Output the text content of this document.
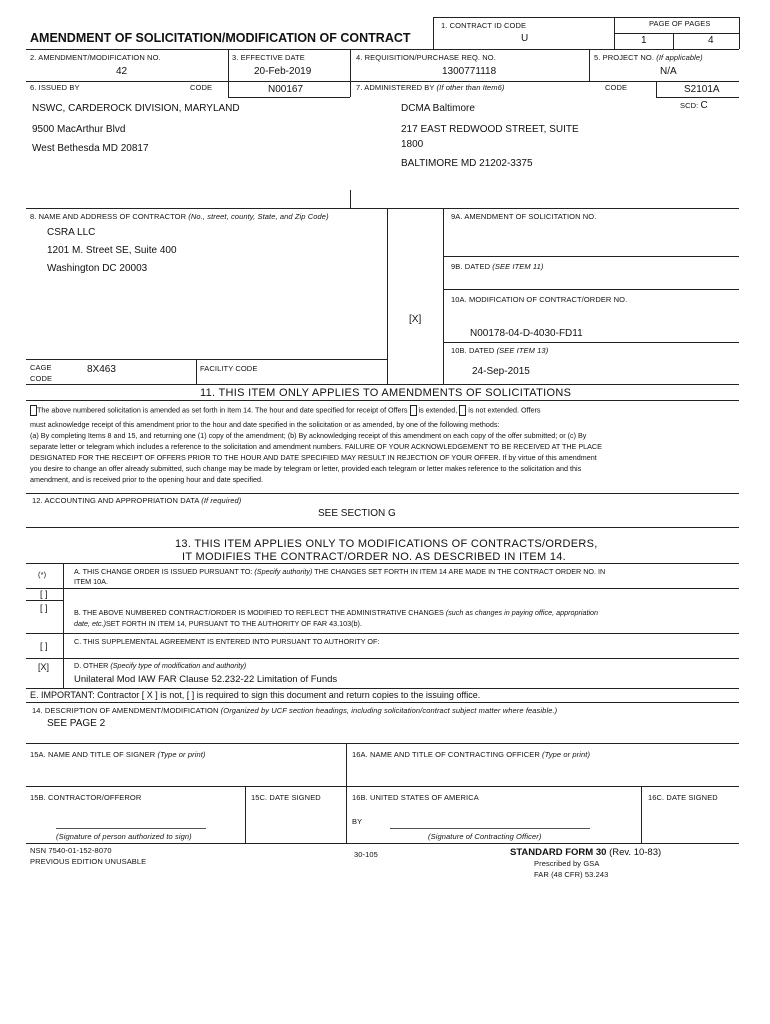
AMENDMENT OF SOLICITATION/MODIFICATION OF CONTRACT
1. CONTRACT ID CODE
U
PAGE OF PAGES
1	4
2. AMENDMENT/MODIFICATION NO.
42
3. EFFECTIVE DATE
20-Feb-2019
4. REQUISITION/PURCHASE REQ. NO.
1300771118
5. PROJECT NO. (If applicable)
N/A
6. ISSUED BY	CODE	N00167	7. ADMINISTERED BY (If other than Item6)	CODE	S2101A
SCD: C
NSWC, CARDEROCK DIVISION, MARYLAND
9500 MacArthur Blvd
West Bethesda MD 20817
DCMA Baltimore
217 EAST REDWOOD STREET, SUITE
1800
BALTIMORE MD 21202-3375
8. NAME AND ADDRESS OF CONTRACTOR (No., street, county, State, and Zip Code)
CSRA LLC
1201 M. Street SE, Suite 400
Washington DC 20003
CAGE
CODE
8X463	FACILITY CODE
9A. AMENDMENT OF SOLICITATION NO.
9B. DATED (SEE ITEM 11)
10A. MODIFICATION OF CONTRACT/ORDER NO.
[X]
N00178-04-D-4030-FD11
10B. DATED (SEE ITEM 13)
24-Sep-2015
11. THIS ITEM ONLY APPLIES TO AMENDMENTS OF SOLICITATIONS
The above numbered solicitation is amended as set forth in Item 14. The hour and date specified for receipt of Offers is extended, is not extended. Offers
must acknowledge receipt of this amendment prior to the hour and date specified in the solicitation or as amended, by one of the following methods:
(a) By completing Items 8 and 15, and returning one (1) copy of the amendment; (b) By acknowledging receipt of this amendment on each copy of the offer submitted; or (c) By
separate letter or telegram which includes a reference to the solicitation and amendment numbers. FAILURE OF YOUR ACKNOWLEDGEMENT TO BE RECEIVED AT THE PLACE
DESIGNATED FOR THE RECEIPT OF OFFERS PRIOR TO THE HOUR AND DATE SPECIFIED MAY RESULT IN REJECTION OF YOUR OFFER. If by virtue of this amendment
you desire to change an offer already submitted, such change may be made by telegram or letter, provided each telegram or letter makes reference to the solicitation and this
amendment, and is received prior to the opening hour and date specified.
12. ACCOUNTING AND APPROPRIATION DATA (If required)
SEE SECTION G
13. THIS ITEM APPLIES ONLY TO MODIFICATIONS OF CONTRACTS/ORDERS,
IT MODIFIES THE CONTRACT/ORDER NO. AS DESCRIBED IN ITEM 14.
(*)	A. THIS CHANGE ORDER IS ISSUED PURSUANT TO: (Specify authority) THE CHANGES SET FORTH IN ITEM 14 ARE MADE IN THE CONTRACT ORDER NO. IN
ITEM 10A.
[ ]
[ ]	B. THE ABOVE NUMBERED CONTRACT/ORDER IS MODIFIED TO REFLECT THE ADMINISTRATIVE CHANGES (such as changes in paying office, appropriation
date, etc.)SET FORTH IN ITEM 14, PURSUANT TO THE AUTHORITY OF FAR 43.103(b).
[ ]	C. THIS SUPPLEMENTAL AGREEMENT IS ENTERED INTO PURSUANT TO AUTHORITY OF:
[X]	D. OTHER (Specify type of modification and authority)
Unilateral Mod IAW FAR Clause 52.232-22 Limitation of Funds
E. IMPORTANT: Contractor [ X ] is not, [ ] is required to sign this document and return copies to the issuing office.
14. DESCRIPTION OF AMENDMENT/MODIFICATION (Organized by UCF section headings, including solicitation/contract subject matter where feasible.)
SEE PAGE 2
15A. NAME AND TITLE OF SIGNER (Type or print)	16A. NAME AND TITLE OF CONTRACTING OFFICER (Type or print)
15B. CONTRACTOR/OFFEROR	15C. DATE SIGNED	16B. UNITED STATES OF AMERICA	16C. DATE SIGNED
BY
(Signature of person authorized to sign)	(Signature of Contracting Officer)
NSN 7540-01-152-8070
PREVIOUS EDITION UNUSABLE
30-105	STANDARD FORM 30 (Rev. 10-83)
Prescribed by GSA
FAR (48 CFR) 53.243
